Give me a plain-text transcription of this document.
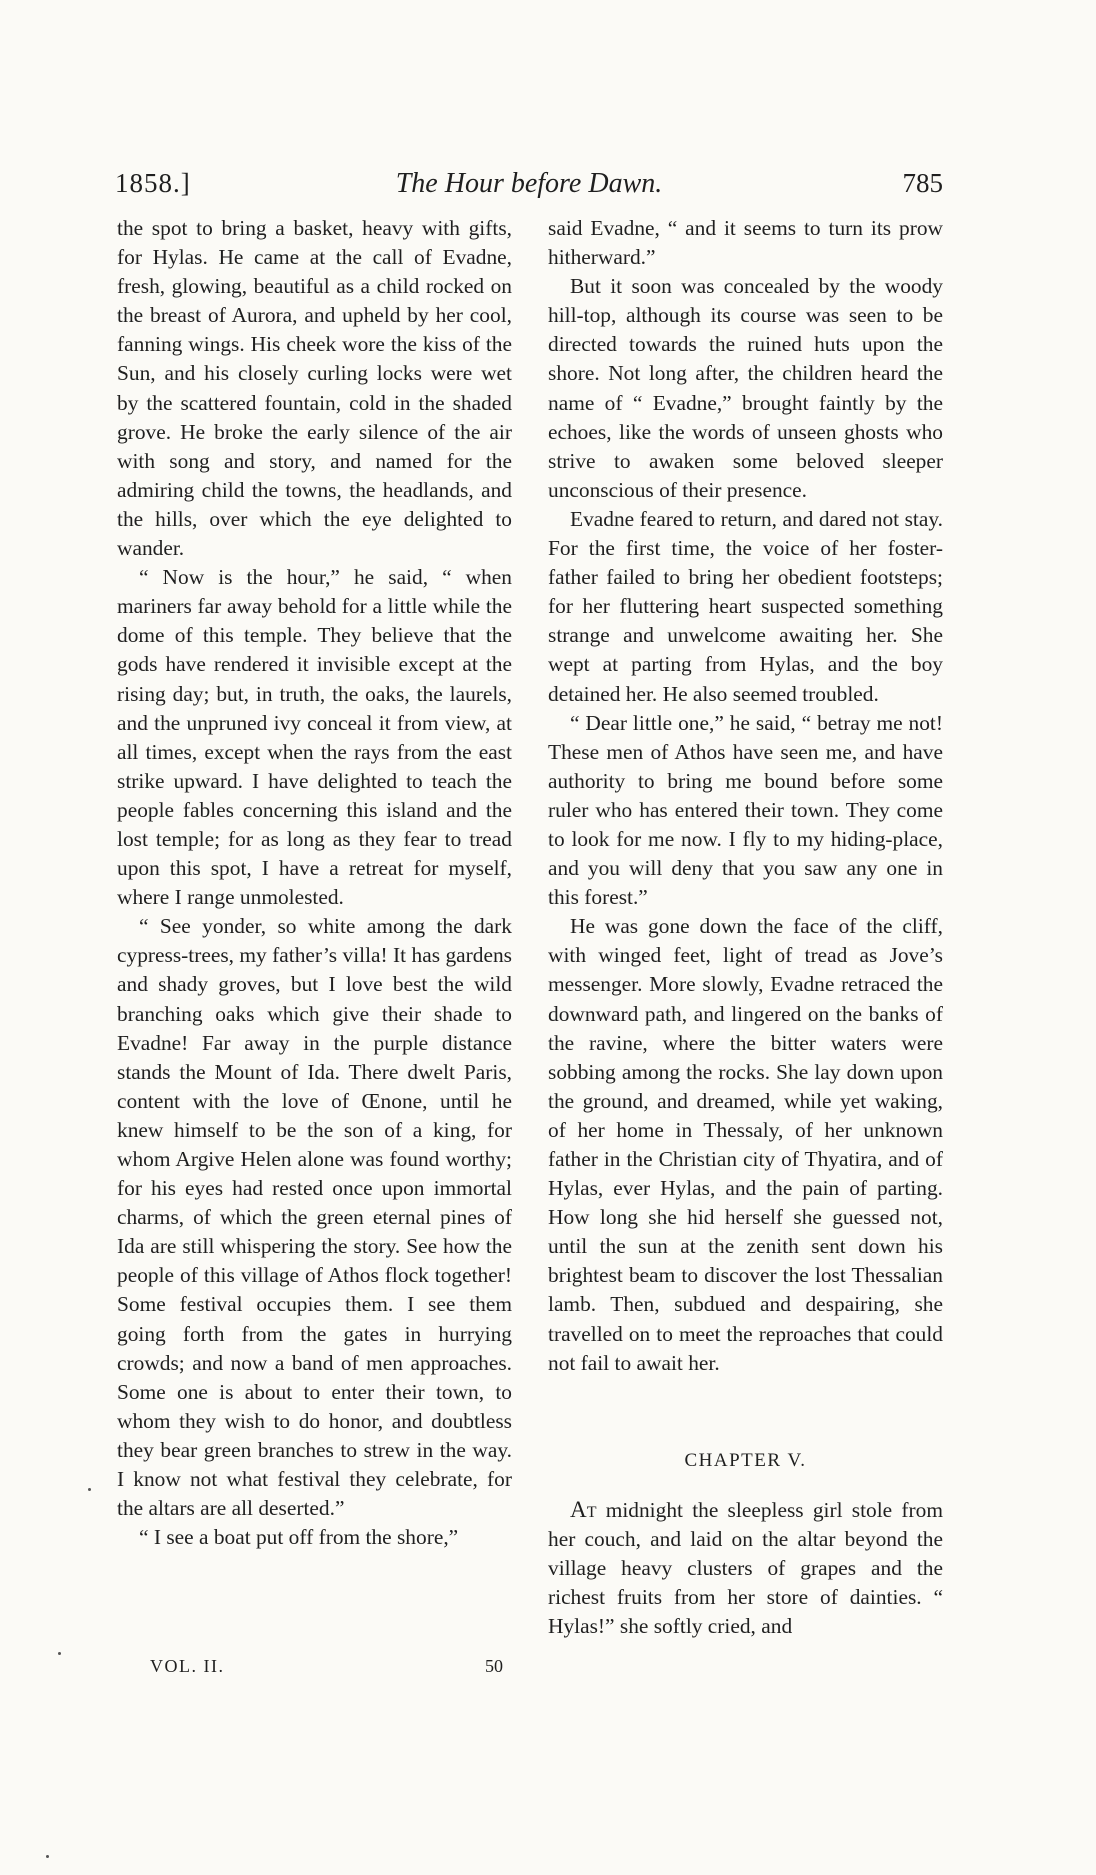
1858.]	The Hour before Dawn.	785

the spot to bring a basket, heavy with gifts, for Hylas. He came at the call of Evadne, fresh, glowing, beautiful as a child rocked on the breast of Aurora, and upheld by her cool, fanning wings. His cheek wore the kiss of the Sun, and his closely curling locks were wet by the scattered fountain, cold in the shaded grove. He broke the early silence of the air with song and story, and named for the admiring child the towns, the headlands, and the hills, over which the eye delighted to wander.

“ Now is the hour,” he said, “ when mariners far away behold for a little while the dome of this temple. They believe that the gods have rendered it invisible except at the rising day; but, in truth, the oaks, the laurels, and the unpruned ivy conceal it from view, at all times, except when the rays from the east strike upward. I have delighted to teach the people fables concerning this island and the lost temple; for as long as they fear to tread upon this spot, I have a retreat for myself, where I range unmolested.

“ See yonder, so white among the dark cypress-trees, my father’s villa! It has gardens and shady groves, but I love best the wild branching oaks which give their shade to Evadne! Far away in the purple distance stands the Mount of Ida. There dwelt Paris, content with the love of Œnone, until he knew himself to be the son of a king, for whom Argive Helen alone was found worthy; for his eyes had rested once upon immortal charms, of which the green eternal pines of Ida are still whispering the story. See how the people of this village of Athos flock together! Some festival occupies them. I see them going forth from the gates in hurrying crowds; and now a band of men approaches. Some one is about to enter their town, to whom they wish to do honor, and doubtless they bear green branches to strew in the way. I know not what festival they celebrate, for the altars are all deserted.”

“ I see a boat put off from the shore,”

said Evadne, “ and it seems to turn its prow hitherward.”

But it soon was concealed by the woody hill-top, although its course was seen to be directed towards the ruined huts upon the shore. Not long after, the children heard the name of “ Evadne,” brought faintly by the echoes, like the words of unseen ghosts who strive to awaken some beloved sleeper unconscious of their presence.

Evadne feared to return, and dared not stay. For the first time, the voice of her foster-father failed to bring her obedient footsteps; for her fluttering heart suspected something strange and unwelcome awaiting her. She wept at parting from Hylas, and the boy detained her. He also seemed troubled.

“ Dear little one,” he said, “ betray me not! These men of Athos have seen me, and have authority to bring me bound before some ruler who has entered their town. They come to look for me now. I fly to my hiding-place, and you will deny that you saw any one in this forest.”

He was gone down the face of the cliff, with winged feet, light of tread as Jove’s messenger. More slowly, Evadne retraced the downward path, and lingered on the banks of the ravine, where the bitter waters were sobbing among the rocks. She lay down upon the ground, and dreamed, while yet waking, of her home in Thessaly, of her unknown father in the Christian city of Thyatira, and of Hylas, ever Hylas, and the pain of parting. How long she hid herself she guessed not, until the sun at the zenith sent down his brightest beam to discover the lost Thessalian lamb. Then, subdued and despairing, she travelled on to meet the reproaches that could not fail to await her.

CHAPTER V.

At midnight the sleepless girl stole from her couch, and laid on the altar beyond the village heavy clusters of grapes and the richest fruits from her store of dainties. “ Hylas!” she softly cried, and

VOL. II.	50
